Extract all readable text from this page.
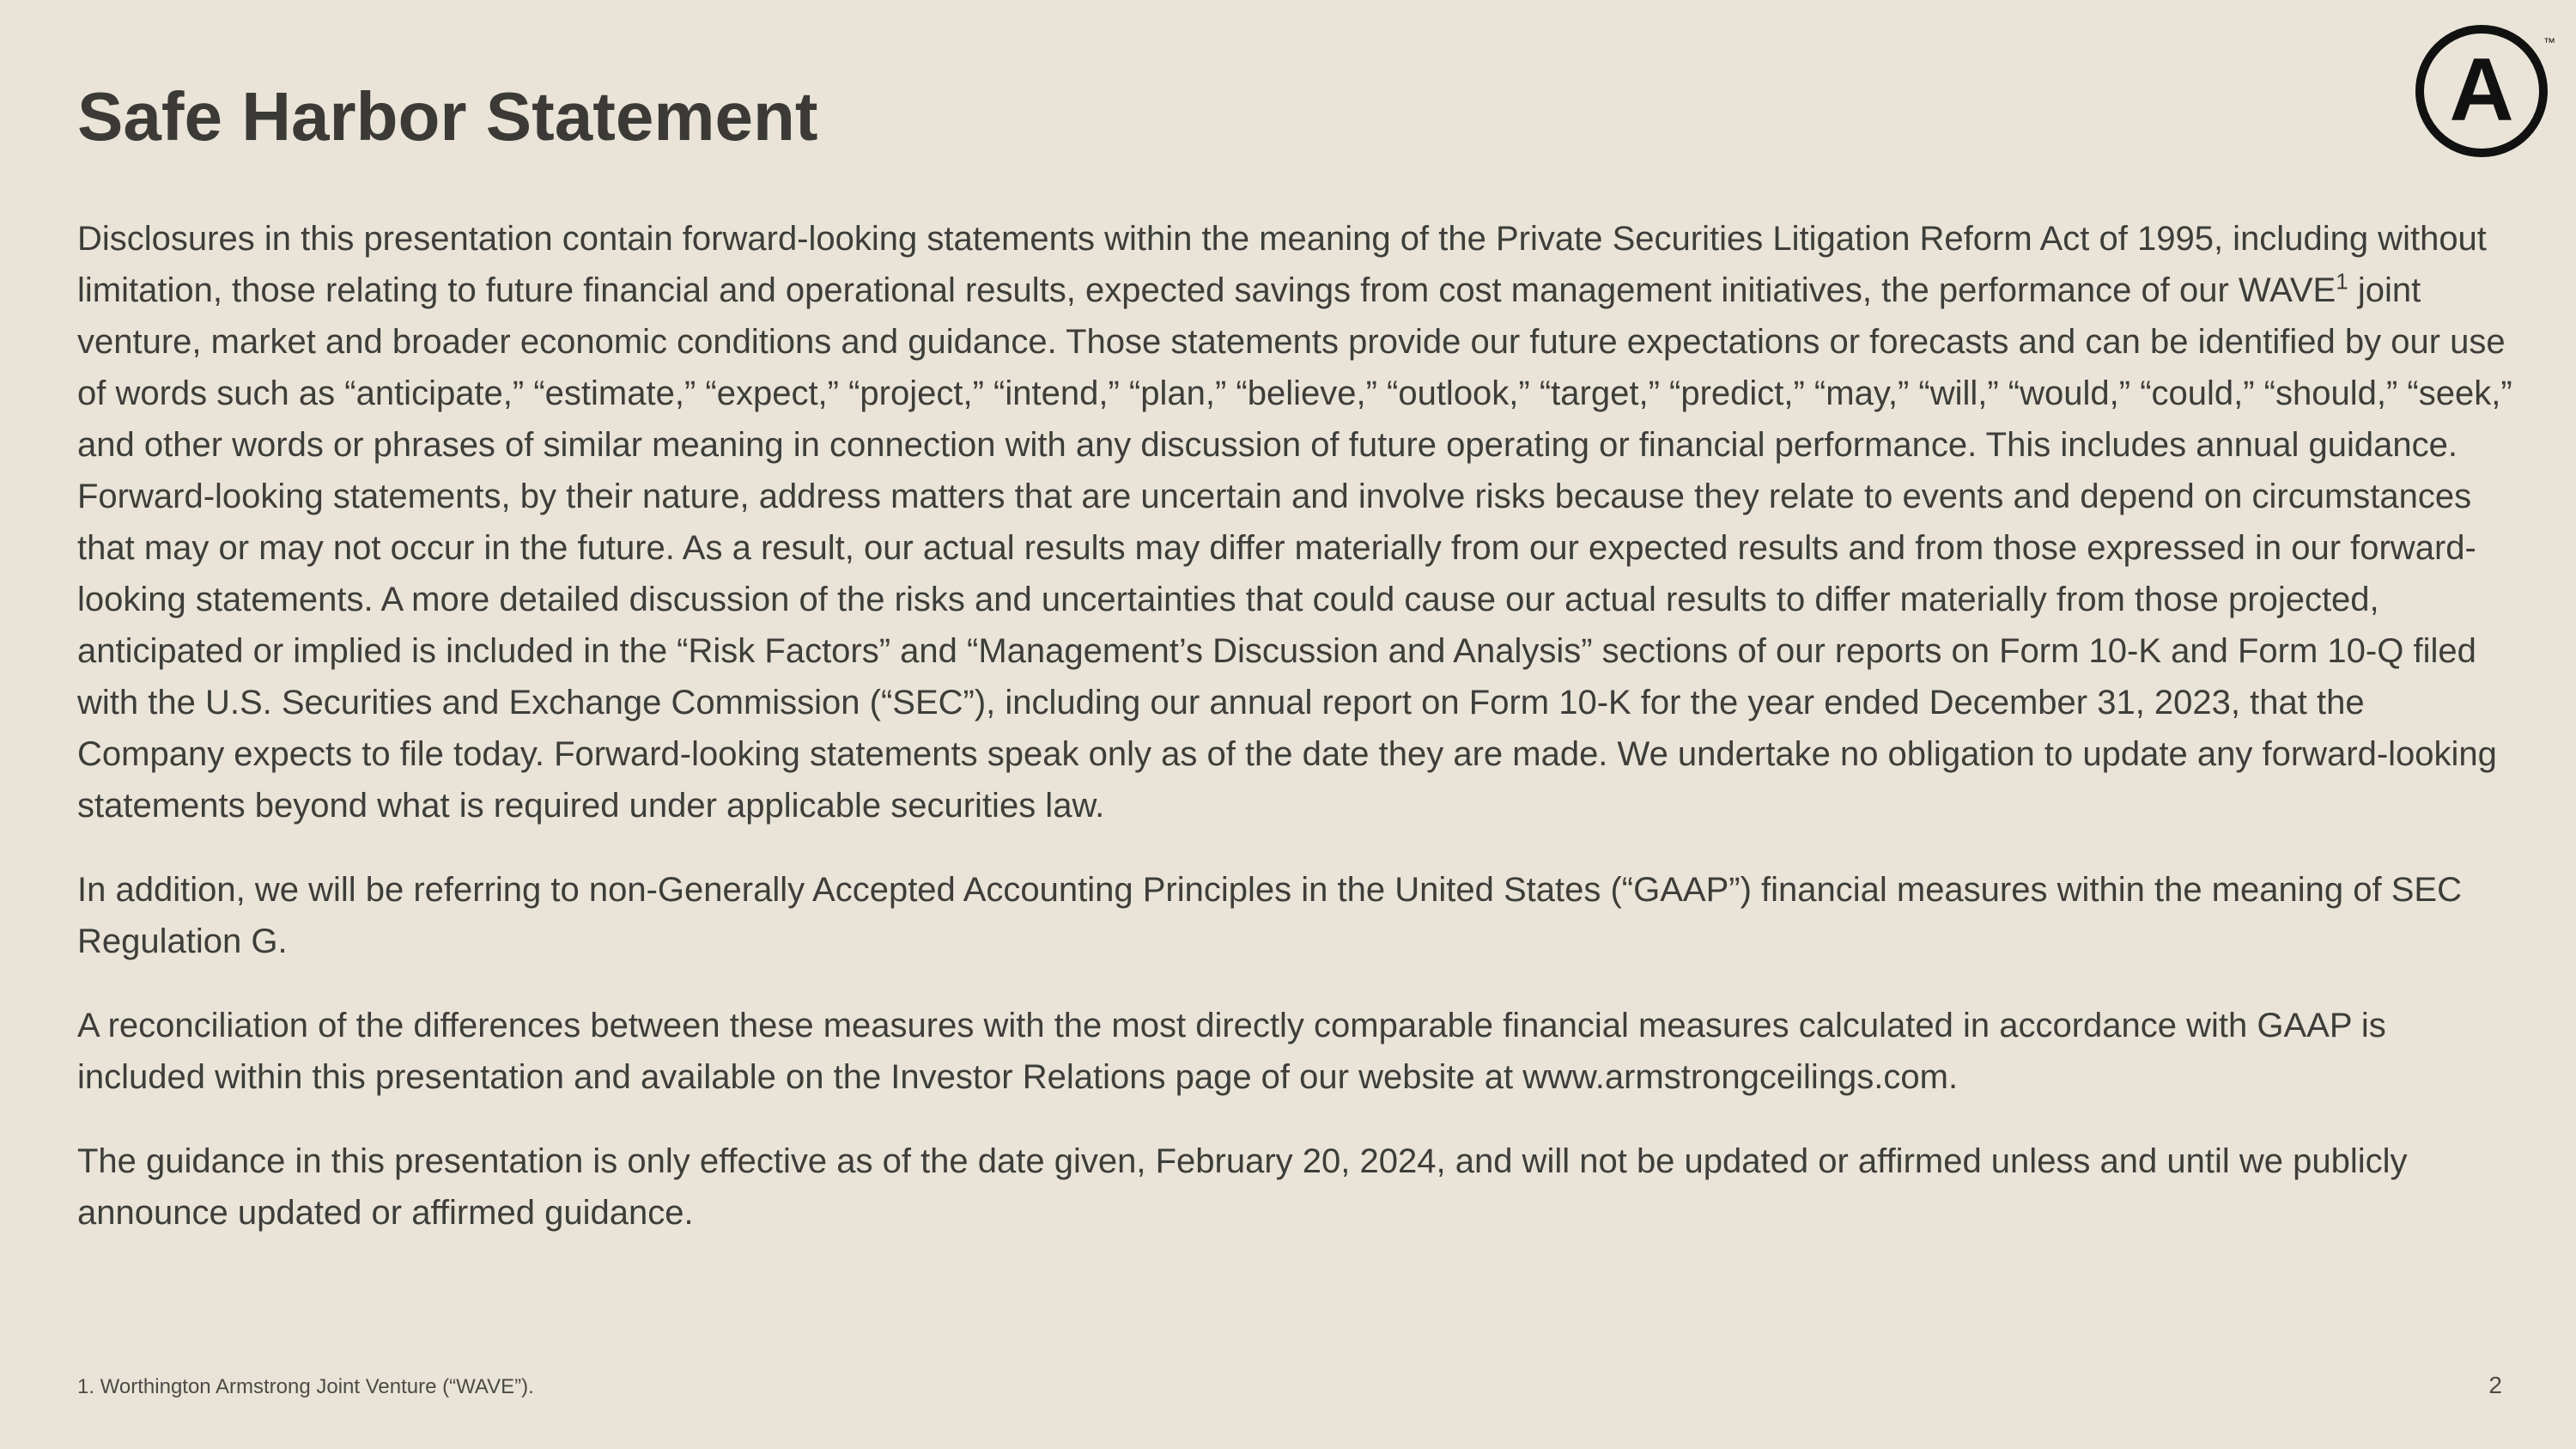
Safe Harbor Statement	A ™

Disclosures in this presentation contain forward-looking statements within the meaning of the Private Securities Litigation Reform Act of 1995, including without limitation, those relating to future financial and operational results, expected savings from cost management initiatives, the performance of our WAVE$^1$ joint venture, market and broader economic conditions and guidance. Those statements provide our future expectations or forecasts and can be identified by our use of words such as “anticipate,” “estimate,” “expect,” “project,” “intend,” “plan,” “believe,” “outlook,” “target,” “predict,” “may,” “will,” “would,” “could,” “should,” “seek,” and other words or phrases of similar meaning in connection with any discussion of future operating or financial performance. This includes annual guidance. Forward-looking statements, by their nature, address matters that are uncertain and involve risks because they relate to events and depend on circumstances that may or may not occur in the future. As a result, our actual results may differ materially from our expected results and from those expressed in our forward-looking statements. A more detailed discussion of the risks and uncertainties that could cause our actual results to differ materially from those projected, anticipated or implied is included in the “Risk Factors” and “Management’s Discussion and Analysis” sections of our reports on Form 10-K and Form 10-Q filed with the U.S. Securities and Exchange Commission (“SEC”), including our annual report on Form 10-K for the year ended December 31, 2023, that the Company expects to file today. Forward-looking statements speak only as of the date they are made. We undertake no obligation to update any forward-looking statements beyond what is required under applicable securities law.

In addition, we will be referring to non-Generally Accepted Accounting Principles in the United States (“GAAP”) financial measures within the meaning of SEC Regulation G.

A reconciliation of the differences between these measures with the most directly comparable financial measures calculated in accordance with GAAP is included within this presentation and available on the Investor Relations page of our website at www.armstrongceilings.com.

The guidance in this presentation is only effective as of the date given, February 20, 2024, and will not be updated or affirmed unless and until we publicly announce updated or affirmed guidance.

1. Worthington Armstrong Joint Venture (“WAVE”).	2
